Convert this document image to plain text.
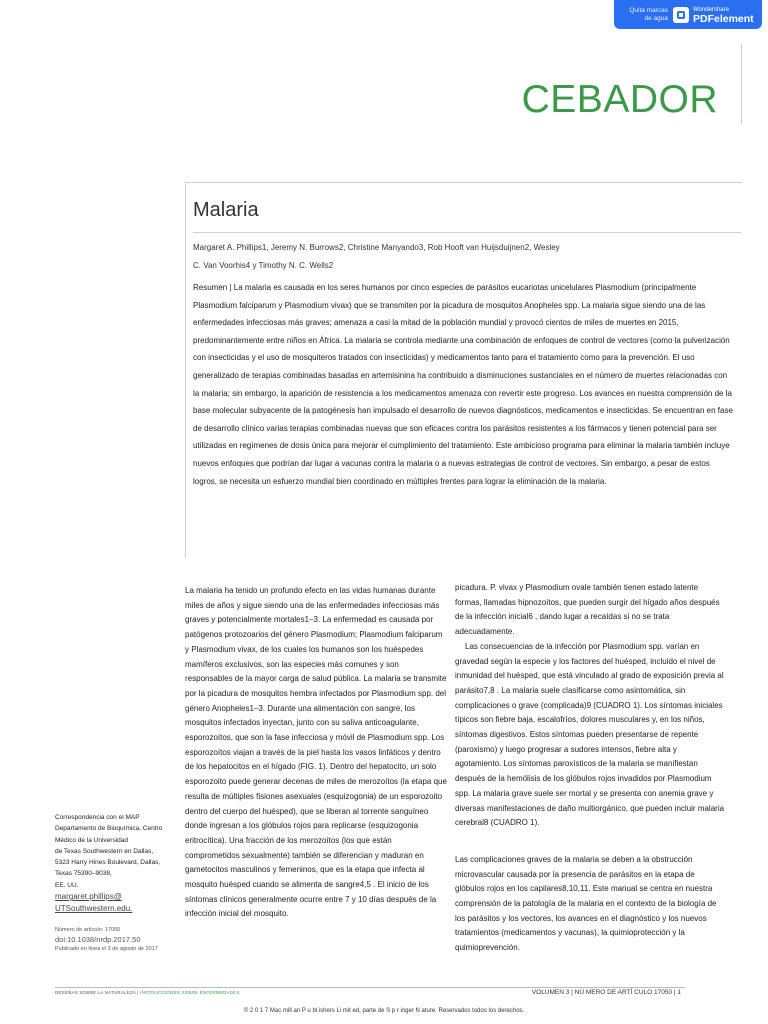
Quita marcas
de agua
Wondershare
PDFelement
CEBADOR
Malaria
Margaret A. Phillips1, Jeremy N. Burrows2, Christine Manyando3, Rob Hooft van Huijsduijnen2, Wesley
C. Van Voorhis4 y Timothy N. C. Wells2
Resumen | La malaria es causada en los seres humanos por cinco especies de parásitos eucariotas unicelulares Plasmodium (principalmente Plasmodium falciparum y Plasmodium vivax) que se transmiten por la picadura de mosquitos Anopheles spp. La malaria sigue siendo una de las enfermedades infecciosas más graves; amenaza a casi la mitad de la población mundial y provocó cientos de miles de muertes en 2015, predominantemente entre niños en África. La malaria se controla mediante una combinación de enfoques de control de vectores (como la pulverización con insecticidas y el uso de mosquiteros tratados con insecticidas) y medicamentos tanto para el tratamiento como para la prevención. El uso generalizado de terapias combinadas basadas en artemisinina ha contribuido a disminuciones sustanciales en el número de muertes relacionadas con la malaria; sin embargo, la aparición de resistencia a los medicamentos amenaza con revertir este progreso. Los avances en nuestra comprensión de la base molecular subyacente de la patogénesis han impulsado el desarrollo de nuevos diagnósticos, medicamentos e insecticidas. Se encuentran en fase de desarrollo clínico varias terapias combinadas nuevas que son eficaces contra los parásitos resistentes a los fármacos y tienen potencial para ser utilizadas en regímenes de dosis única para mejorar el cumplimiento del tratamiento. Este ambicioso programa para eliminar la malaria también incluye nuevos enfoques que podrían dar lugar a vacunas contra la malaria o a nuevas estrategias de control de vectores. Sin embargo, a pesar de estos logros, se necesita un esfuerzo mundial bien coordinado en múltiples frentes para lograr la eliminación de la malaria.

La malaria ha tenido un profundo efecto en las vidas humanas durante miles de años y sigue siendo una de las enfermedades infecciosas más graves y potencialmente mortales1–3. La enfermedad es causada por patógenos protozoarios del género Plasmodium; Plasmodium falciparum y Plasmodium vivax, de los cuales los humanos son los huéspedes mamíferos exclusivos, son las especies más comunes y son responsables de la mayor carga de salud pública. La malaria se transmite por la picadura de mosquitos hembra infectados por Plasmodium spp. del género Anopheles1–3. Durante una alimentación con sangre, los mosquitos infectados inyectan, junto con su saliva anticoagulante, esporozoítos, que son la fase infecciosa y móvil de Plasmodium spp. Los esporozoítos viajan a través de la piel hasta los vasos linfáticos y dentro de los hepatocitos en el hígado (FIG. 1). Dentro del hepatocito, un solo esporozoito puede generar decenas de miles de merozoítos (la etapa que resulta de múltiples fisiones asexuales (esquizogonia) de un esporozoito dentro del cuerpo del huésped), que se liberan al torrente sanguíneo donde ingresan a los glóbulos rojos para replicarse (esquizogonia eritrocítica). Una fracción de los merozoítos (los que están comprometidos sexualmente) también se diferencian y maduran en gametocitos masculinos y femeninos, que es la etapa que infecta al mosquito huésped cuando se alimenta de sangre4,5 . El inicio de los síntomas clínicos generalmente ocurre entre 7 y 10 días después de la infección inicial del mosquito.

picadura. P. vivax y Plasmodium ovale también tienen estado latente formas, llamadas hipnozoítos, que pueden surgir del hígado años después de la infección inicial6 , dando lugar a recaídas si no se trata adecuadamente.

Las consecuencias de la infección por Plasmodium spp. varían en gravedad según la especie y los factores del huésped, incluido el nivel de inmunidad del huésped, que está vinculado al grado de exposición previa al parásito7,8 . La malaria suele clasificarse como asintomática, sin complicaciones o grave (complicada)9 (CUADRO 1). Los síntomas iniciales típicos son fiebre baja, escalofríos, dolores musculares y, en los niños, síntomas digestivos. Estos síntomas pueden presentarse de repente (paroxismo) y luego progresar a sudores intensos, fiebre alta y agotamiento. Los síntomas paroxísticos de la malaria se manifiestan después de la hemólisis de los glóbulos rojos invadidos por Plasmodium spp. La malaria grave suele ser mortal y se presenta con anemia grave y diversas manifestaciones de daño multiorgánico, que pueden incluir malaria cerebral8 (CUADRO 1).

Las complicaciones graves de la malaria se deben a la obstrucción microvascular causada por la presencia de parásitos en la etapa de glóbulos rojos en los capilares8,10,11. Este manual se centra en nuestra comprensión de la patología de la malaria en el contexto de la biología de los parásitos y los vectores, los avances en el diagnóstico y los nuevos tratamientos (medicamentos y vacunas), la quimioprotección y la quimioprevención.

Correspondencia con el MAP
Departamento de Bioquímica, Centro
Médico de la Universidad
de Texas Southwestern en Dallas,
5323 Harry Hines Boulevard, Dallas,
Texas 75390–9038,
EE. UU.
margaret.phillips@
UTSouthwestern.edu.
Número de artículo: 17050
doi:10.1038/nrdp.2017.50
Publicado en línea el 3 de agosto de 2017
RESEÑAS SOBRE LA NATURALEZA | INSTRUCCIONES SOBRE ENFERMEDADES	VOLUMEN 3 | NÚ MERO DE ARTÍ CULO 17050 | 1
© 2 0 1 7 Mac mill an P u bl ishers Li mit ed, parte de S p r inger N ature. Reservados todos los derechos.
